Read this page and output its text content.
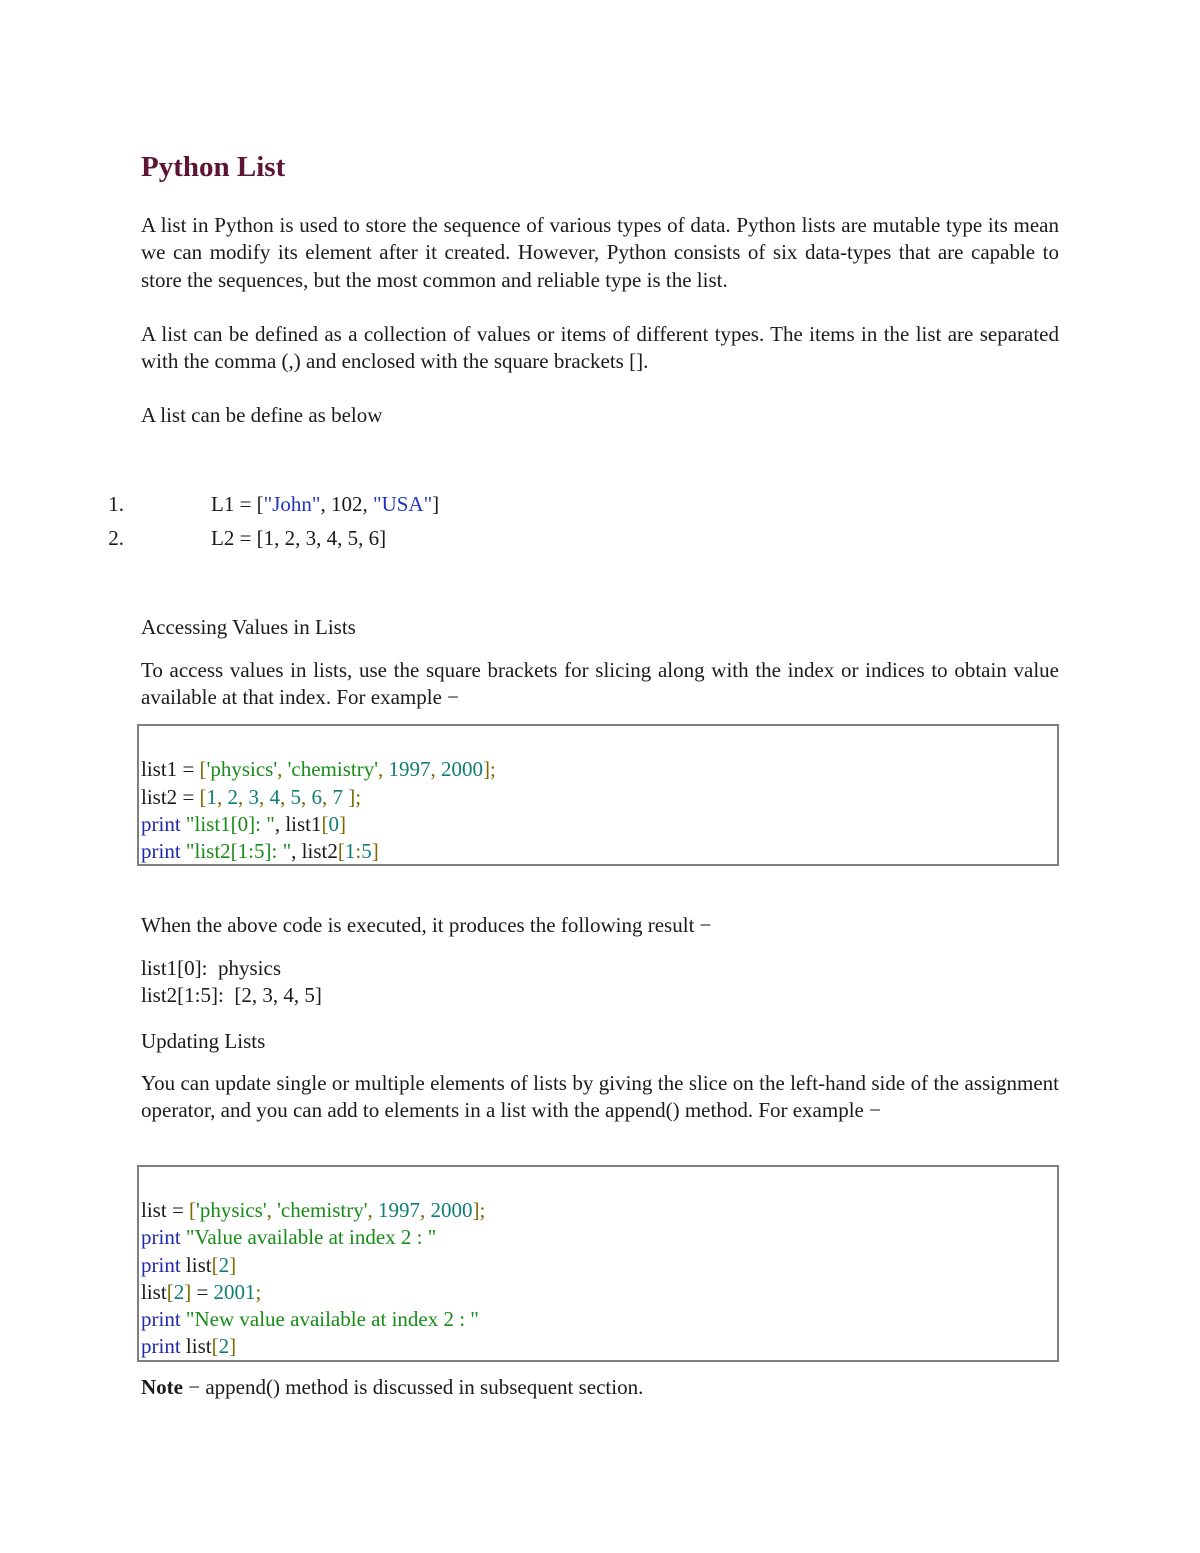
Python List

A list in Python is used to store the sequence of various types of data. Python lists are mutable type its mean we can modify its element after it created. However, Python consists of six data-types that are capable to store the sequences, but the most common and reliable type is the list.

A list can be defined as a collection of values or items of different types. The items in the list are separated with the comma (,) and enclosed with the square brackets [].

A list can be define as below

1.	L1 = ["John", 102, "USA"]
2.	L2 = [1, 2, 3, 4, 5, 6]

Accessing Values in Lists

To access values in lists, use the square brackets for slicing along with the index or indices to obtain value available at that index. For example −

list1 = ['physics', 'chemistry', 1997, 2000];
list2 = [1, 2, 3, 4, 5, 6, 7 ];
print "list1[0]: ", list1[0]
print "list2[1:5]: ", list2[1:5]

When the above code is executed, it produces the following result −

list1[0]:  physics

list2[1:5]:  [2, 3, 4, 5]

Updating Lists

You can update single or multiple elements of lists by giving the slice on the left-hand side of the assignment operator, and you can add to elements in a list with the append() method. For example −

list = ['physics', 'chemistry', 1997, 2000];
print "Value available at index 2 : "
print list[2]
list[2] = 2001;
print "New value available at index 2 : "
print list[2]

Note − append() method is discussed in subsequent section.
